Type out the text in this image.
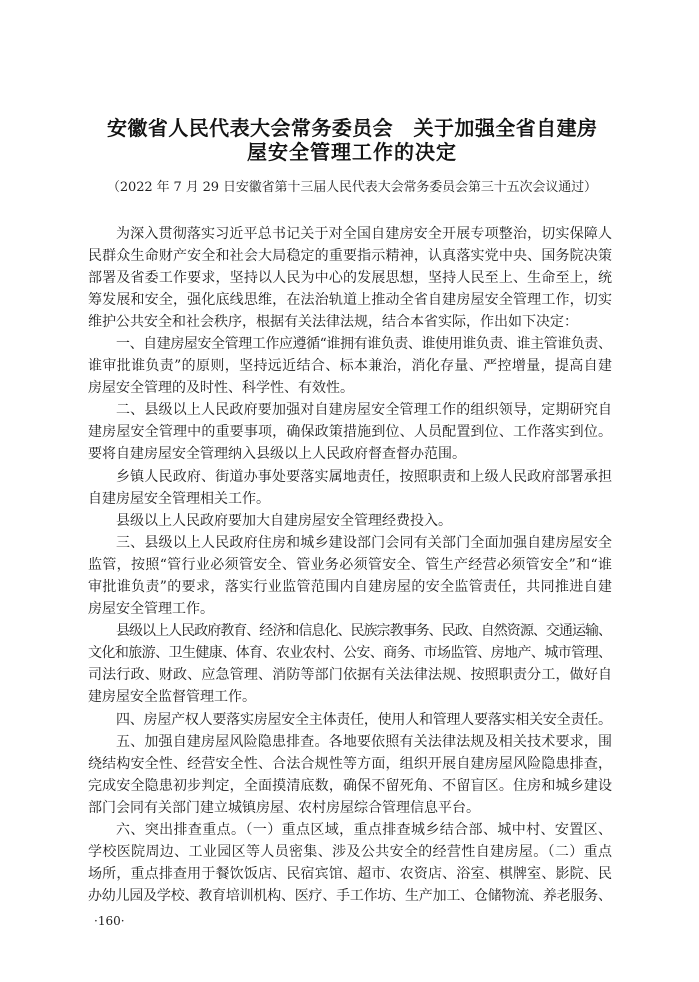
安徽省人民代表大会常务委员会　关于加强全省自建房
屋安全管理工作的决定
（2022 年 7 月 29 日安徽省第十三届人民代表大会常务委员会第三十五次会议通过）
为深入贯彻落实习近平总书记关于对全国自建房安全开展专项整治，切实保障人
民群众生命财产安全和社会大局稳定的重要指示精神，认真落实党中央、国务院决策
部署及省委工作要求，坚持以人民为中心的发展思想，坚持人民至上、生命至上，统
筹发展和安全，强化底线思维，在法治轨道上推动全省自建房屋安全管理工作，切实
维护公共安全和社会秩序，根据有关法律法规，结合本省实际，作出如下决定：
一、自建房屋安全管理工作应遵循“谁拥有谁负责、谁使用谁负责、谁主管谁负责、
谁审批谁负责”的原则，坚持远近结合、标本兼治，消化存量、严控增量，提高自建
房屋安全管理的及时性、科学性、有效性。
二、县级以上人民政府要加强对自建房屋安全管理工作的组织领导，定期研究自
建房屋安全管理中的重要事项，确保政策措施到位、人员配置到位、工作落实到位。
要将自建房屋安全管理纳入县级以上人民政府督查督办范围。
乡镇人民政府、街道办事处要落实属地责任，按照职责和上级人民政府部署承担
自建房屋安全管理相关工作。
县级以上人民政府要加大自建房屋安全管理经费投入。
三、县级以上人民政府住房和城乡建设部门会同有关部门全面加强自建房屋安全
监管，按照“管行业必须管安全、管业务必须管安全、管生产经营必须管安全”和“谁
审批谁负责”的要求，落实行业监管范围内自建房屋的安全监管责任，共同推进自建
房屋安全管理工作。
县级以上人民政府教育、经济和信息化、民族宗教事务、民政、自然资源、交通运输、
文化和旅游、卫生健康、体育、农业农村、公安、商务、市场监管、房地产、城市管理、
司法行政、财政、应急管理、消防等部门依据有关法律法规、按照职责分工，做好自
建房屋安全监督管理工作。
四、房屋产权人要落实房屋安全主体责任，使用人和管理人要落实相关安全责任。
五、加强自建房屋风险隐患排查。各地要依照有关法律法规及相关技术要求，围
绕结构安全性、经营安全性、合法合规性等方面，组织开展自建房屋风险隐患排查，
完成安全隐患初步判定，全面摸清底数，确保不留死角、不留盲区。住房和城乡建设
部门会同有关部门建立城镇房屋、农村房屋综合管理信息平台。
六、突出排查重点。（一）重点区域，重点排查城乡结合部、城中村、安置区、
学校医院周边、工业园区等人员密集、涉及公共安全的经营性自建房屋。（二）重点
场所，重点排查用于餐饮饭店、民宿宾馆、超市、农资店、浴室、棋牌室、影院、民
办幼儿园及学校、教育培训机构、医疗、手工作坊、生产加工、仓储物流、养老服务、
·160·
